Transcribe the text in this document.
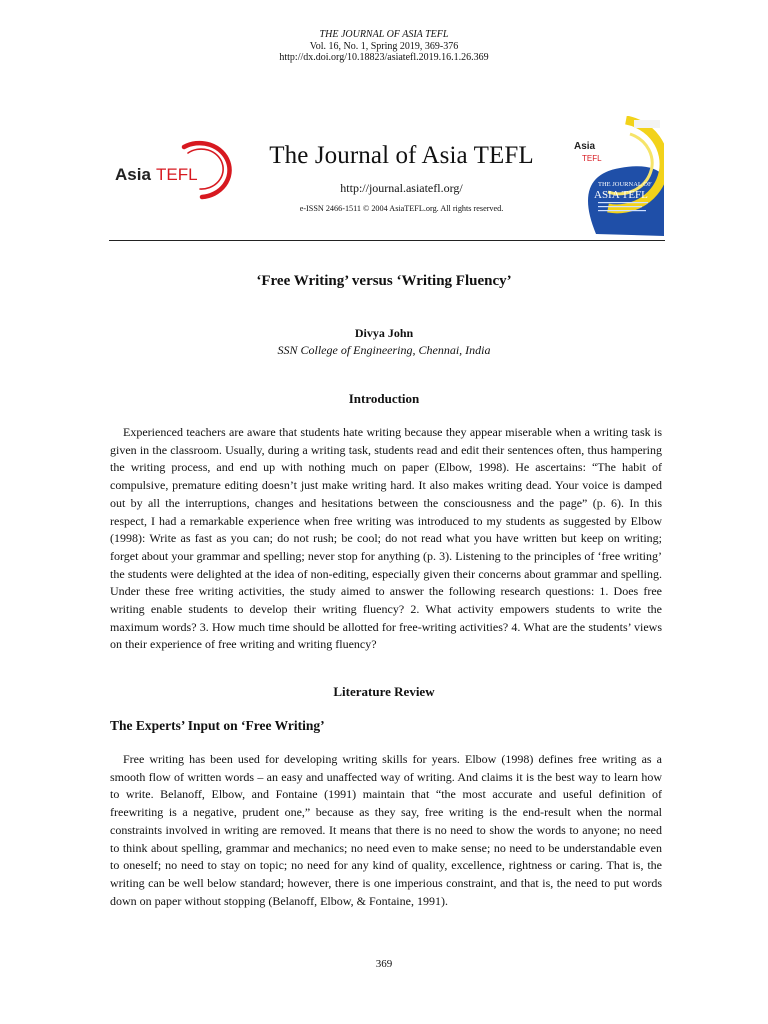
THE JOURNAL OF ASIA TEFL
Vol. 16, No. 1, Spring 2019, 369-376
http://dx.doi.org/10.18823/asiatefl.2019.16.1.26.369
Asia TEFL
The Journal of Asia TEFL
http://journal.asiatefl.org/
e-ISSN 2466-1511 © 2004 AsiaTEFL.org. All rights reserved.
Asia
TEFL
THE JOURNAL OF
ASIA TEFL
‘Free Writing’ versus ‘Writing Fluency’
Divya John
SSN College of Engineering, Chennai, India
Introduction

Experienced teachers are aware that students hate writing because they appear miserable when a writing task is given in the classroom. Usually, during a writing task, students read and edit their sentences often, thus hampering the writing process, and end up with nothing much on paper (Elbow, 1998). He ascertains: “The habit of compulsive, premature editing doesn’t just make writing hard. It also makes writing dead. Your voice is damped out by all the interruptions, changes and hesitations between the consciousness and the page” (p. 6). In this respect, I had a remarkable experience when free writing was introduced to my students as suggested by Elbow (1998): Write as fast as you can; do not rush; be cool; do not read what you have written but keep on writing; forget about your grammar and spelling; never stop for anything (p. 3). Listening to the principles of ‘free writing’ the students were delighted at the idea of non-editing, especially given their concerns about grammar and spelling. Under these free writing activities, the study aimed to answer the following research questions: 1. Does free writing enable students to develop their writing fluency? 2. What activity empowers students to write the maximum words? 3. How much time should be allotted for free-writing activities? 4. What are the students’ views on their experience of free writing and writing fluency?

Literature Review
The Experts’ Input on ‘Free Writing’

Free writing has been used for developing writing skills for years. Elbow (1998) defines free writing as a smooth flow of written words – an easy and unaffected way of writing. And claims it is the best way to learn how to write. Belanoff, Elbow, and Fontaine (1991) maintain that “the most accurate and useful definition of freewriting is a negative, prudent one,” because as they say, free writing is the end-result when the normal constraints involved in writing are removed. It means that there is no need to show the words to anyone; no need to think about spelling, grammar and mechanics; no need even to make sense; no need to be understandable even to oneself; no need to stay on topic; no need for any kind of quality, excellence, rightness or caring. That is, the writing can be well below standard; however, there is one imperious constraint, and that is, the need to put words down on paper without stopping (Belanoff, Elbow, & Fontaine, 1991).

369
